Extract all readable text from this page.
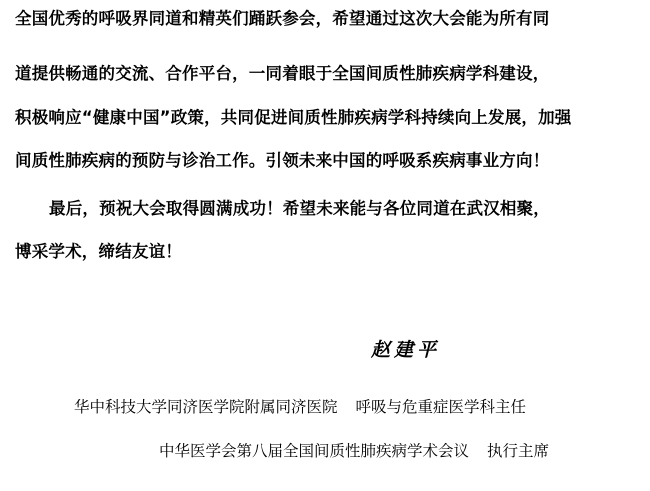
全国优秀的呼吸界同道和精英们踊跃参会，希望通过这次大会能为所有同
道提供畅通的交流、合作平台，一同着眼于全国间质性肺疾病学科建设，
积极响应“健康中国”政策，共同促进间质性肺疾病学科持续向上发展，加强
间质性肺疾病的预防与诊治工作。引领未来中国的呼吸系疾病事业方向！
最后，预祝大会取得圆满成功！希望未来能与各位同道在武汉相聚，
博采学术，缔结友谊！
赵建平
华中科技大学同济医学院附属同济医院 呼吸与危重症医学科主任
中华医学会第八届全国间质性肺疾病学术会议 执行主席
